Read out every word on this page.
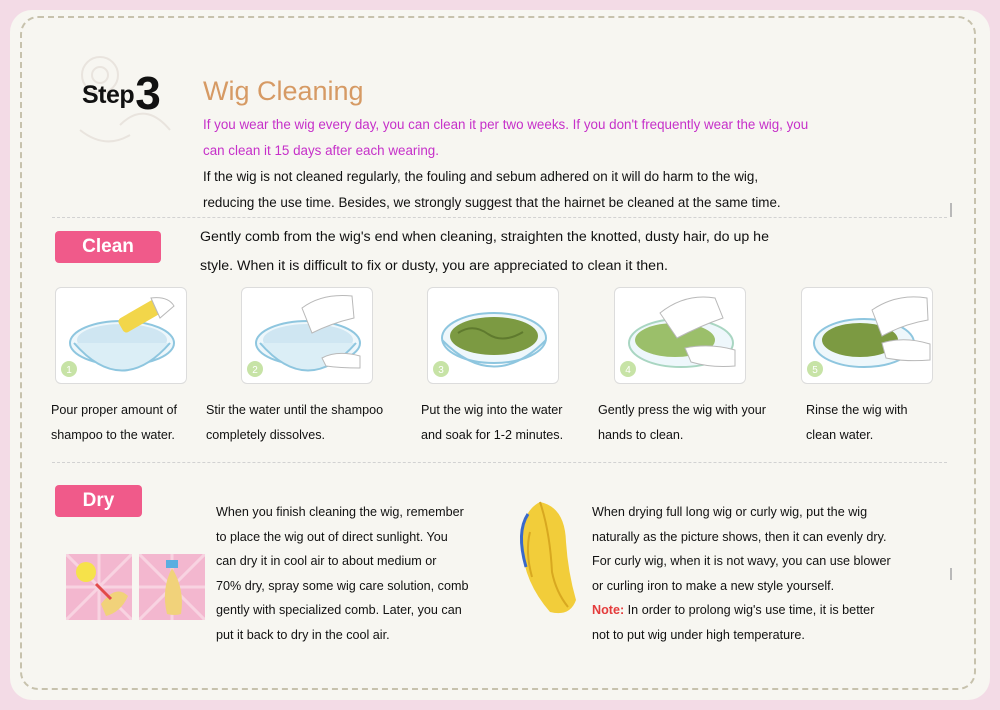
Step3 Wig Cleaning

If you wear the wig every day, you can clean it per two weeks. If you don't frequently wear the wig, you

can clean it 15 days after each wearing.

If the wig is not cleaned regularly, the fouling and sebum adhered on it will do harm to the wig,

reducing the use time. Besides, we strongly suggest that the hairnet be cleaned at the same time.

Clean	Gently comb from the wig's end when cleaning, straighten the knotted, dusty hair, do up he

style. When it is difficult to fix or dusty, you are appreciated to clean it then.

1	2	3	4	5
Pour proper amount of
shampoo to the water.
Stir the water until the shampoo
completely dissolves.
Put the wig into the water
and soak for 1-2 minutes.
Gently press the wig with your
hands to clean.
Rinse the wig with
clean water.
Dry
When you finish cleaning the wig, remember
to place the wig out of direct sunlight. You
can dry it in cool air to about medium or
70% dry, spray some wig care solution, comb
gently with specialized comb. Later, you can
put it back to dry in the cool air.
When drying full long wig or curly wig, put the wig
naturally as the picture shows, then it can evenly dry.
For curly wig, when it is not wavy, you can use blower
or curling iron to make a new style yourself.
Note: In order to prolong wig's use time, it is better
not to put wig under high temperature.
